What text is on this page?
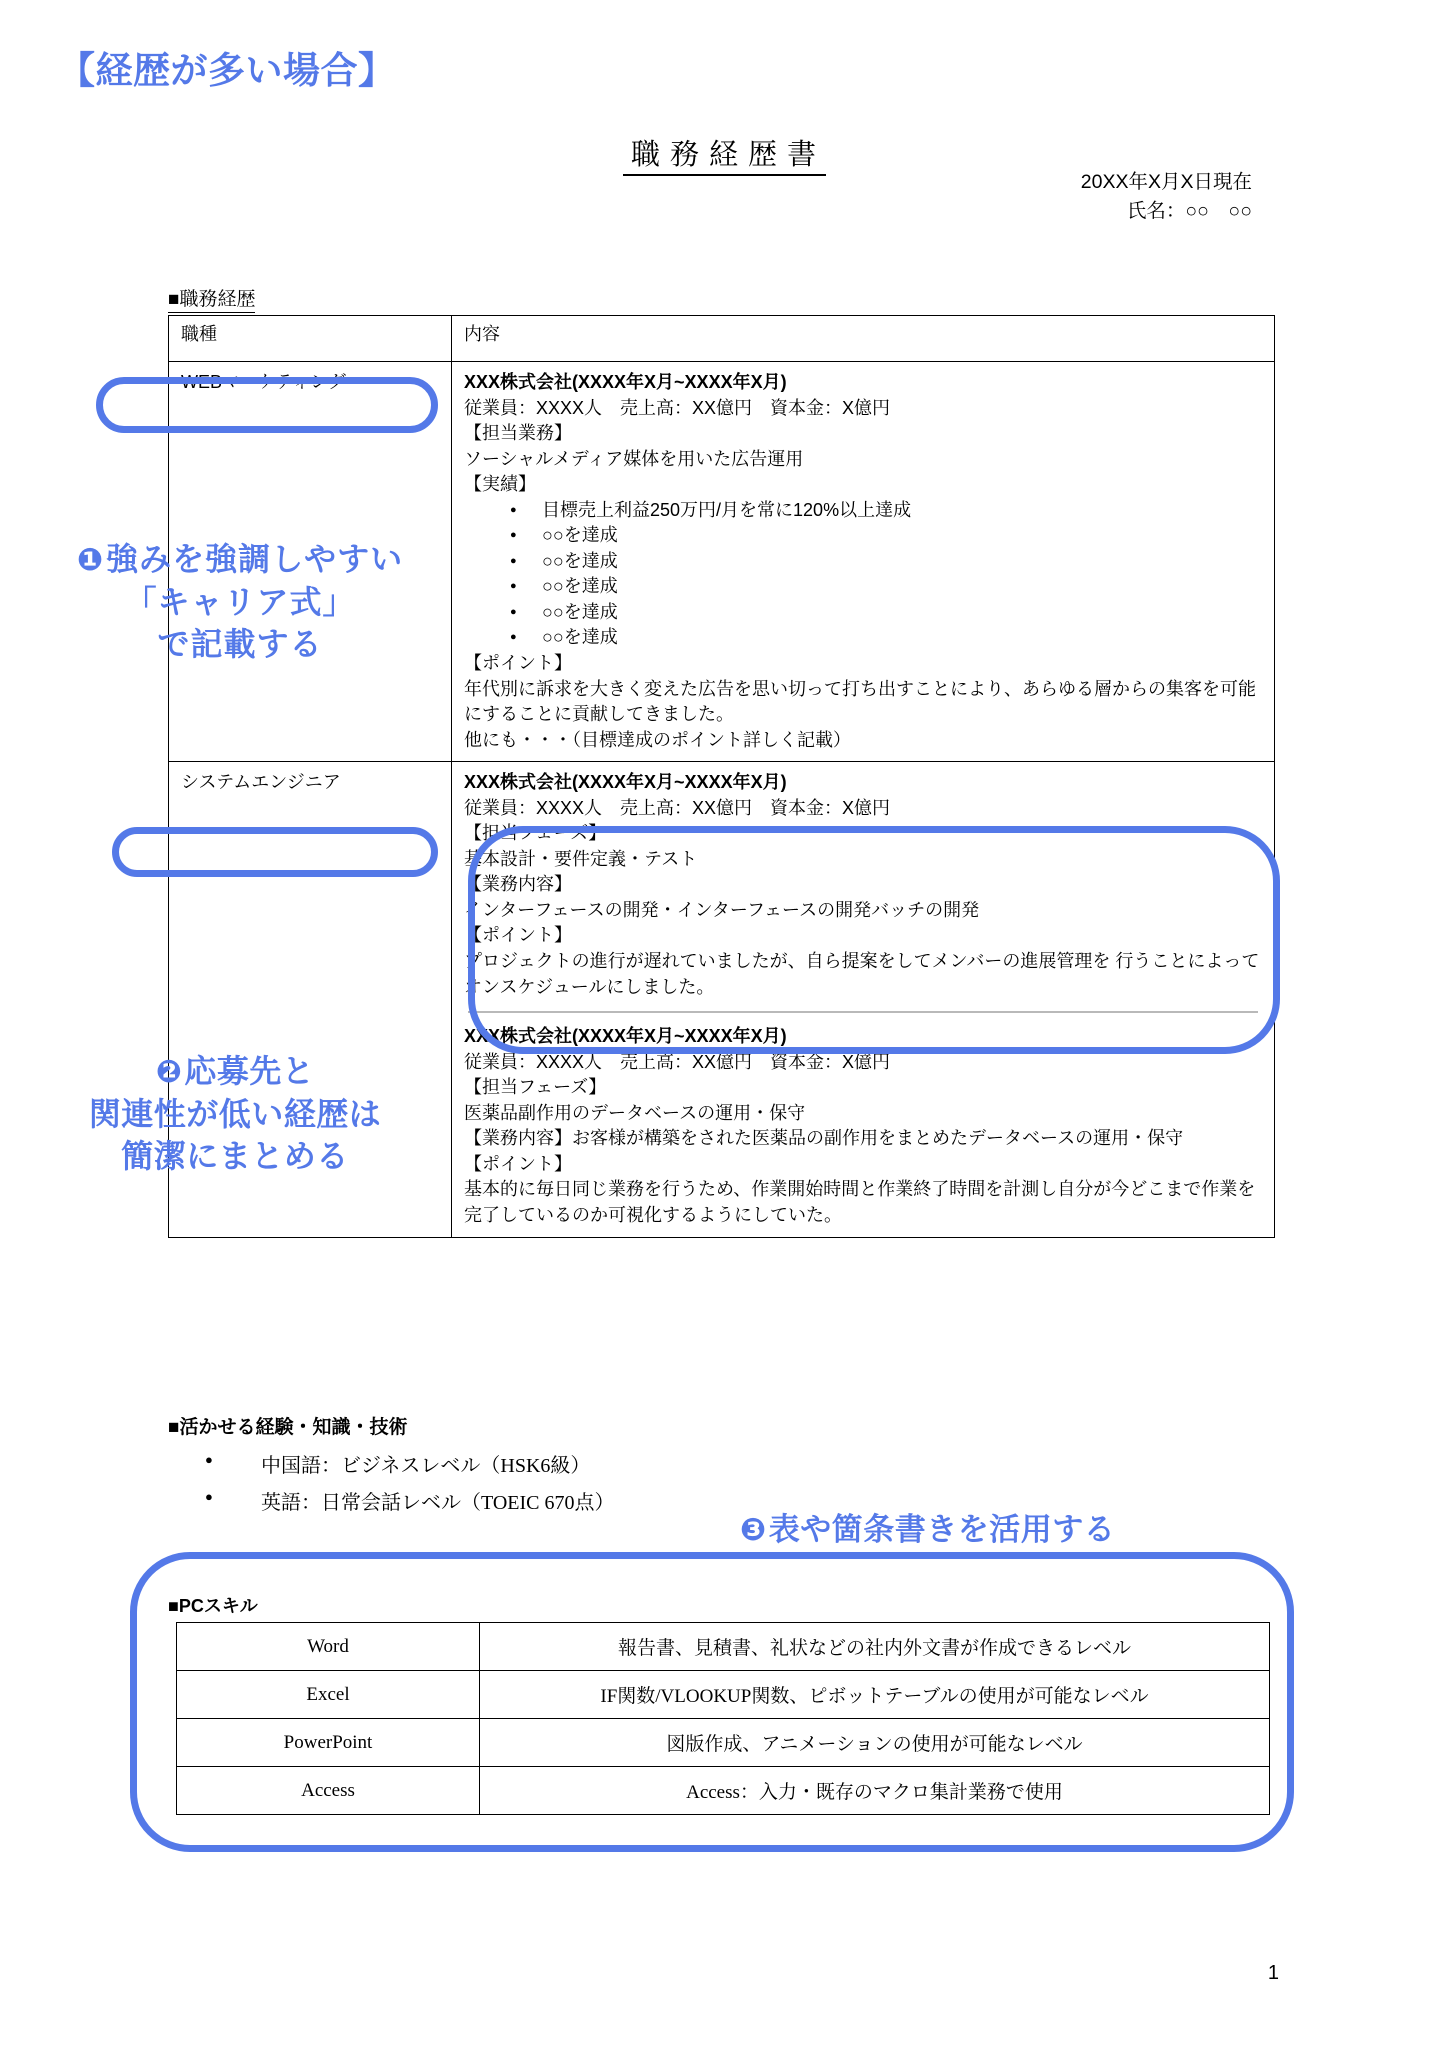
【経歴が多い場合】
職務経歴書
20XX年X月X日現在
氏名：○○　○○
■職務経歴
職種	内容
WEBマーケティング	XXX株式会社(XXXX年X月~XXXX年X月)

従業員：XXXX人　売上高：XX億円　資本金：X億円

【担当業務】

ソーシャルメディア媒体を用いた広告運用

【実績】

● 目標売上利益250万円/月を常に120%以上達成
● ○○を達成
● ○○を達成
● ○○を達成
● ○○を達成
● ○○を達成

【ポイント】

年代別に訴求を大きく変えた広告を思い切って打ち出すことにより、あらゆる層からの集客を可能にすることに貢献してきました。

他にも・・・（目標達成のポイント詳しく記載）

システムエンジニア	XXX株式会社(XXXX年X月~XXXX年X月)

従業員：XXXX人　売上高：XX億円　資本金：X億円

【担当フェーズ】

基本設計・要件定義・テスト

【業務内容】

インターフェースの開発・インターフェースの開発バッチの開発

【ポイント】

プロジェクトの進行が遅れていましたが、自ら提案をしてメンバーの進展管理を 行うことによってオンスケジュールにしました。

XXX株式会社(XXXX年X月~XXXX年X月)

従業員：XXXX人　売上高：XX億円　資本金：X億円

【担当フェーズ】

医薬品副作用のデータベースの運用・保守

【業務内容】お客様が構築をされた医薬品の副作用をまとめたデータベースの運用・保守

【ポイント】

基本的に毎日同じ業務を行うため、作業開始時間と作業終了時間を計測し自分が今どこまで作業を完了しているのか可視化するようにしていた。

■活かせる経験・知識・技術
● 中国語：ビジネスレベル（HSK6級）
● 英語：日常会話レベル（TOEIC 670点）
■PCスキル
Word	報告書、見積書、礼状などの社内外文書が作成できるレベル
Excel	IF関数/VLOOKUP関数、ピボットテーブルの使用が可能なレベル
PowerPoint	図版作成、アニメーションの使用が可能なレベル
Access	Access：入力・既存のマクロ集計業務で使用
❶強みを強調しやすい
「キャリア式」
で記載する
❷応募先と
関連性が低い経歴は
簡潔にまとめる
❸表や箇条書きを活用する
1
